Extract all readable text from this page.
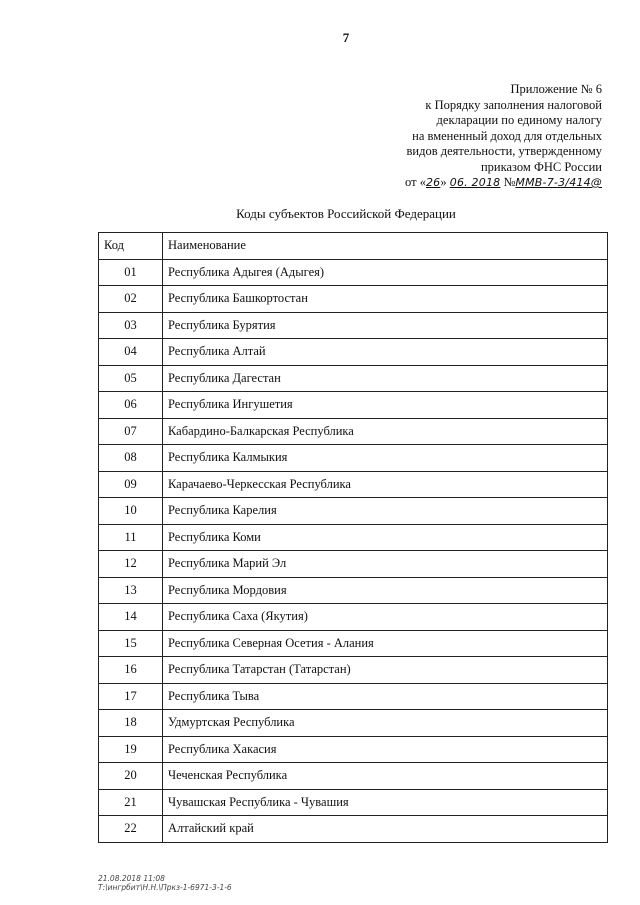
7
Приложение № 6
к Порядку заполнения налоговой
декларации по единому налогу
на вмененный доход для отдельных
видов деятельности, утвержденному
приказом ФНС России
от «26» 06. 2018 №ММВ-7-3/414@
Коды субъектов Российской Федерации
Код	Наименование
01	Республика Адыгея (Адыгея)
02	Республика Башкортостан
03	Республика Бурятия
04	Республика Алтай
05	Республика Дагестан
06	Республика Ингушетия
07	Кабардино-Балкарская Республика
08	Республика Калмыкия
09	Карачаево-Черкесская Республика
10	Республика Карелия
11	Республика Коми
12	Республика Марий Эл
13	Республика Мордовия
14	Республика Саха (Якутия)
15	Республика Северная Осетия - Алания
16	Республика Татарстан (Татарстан)
17	Республика Тыва
18	Удмуртская Республика
19	Республика Хакасия
20	Чеченская Республика
21	Чувашская Республика - Чувашия
22	Алтайский край
21.08.2018 11:08
Т:\ингрбит\Н.Н.\Пркз-1-6971-3-1-6
